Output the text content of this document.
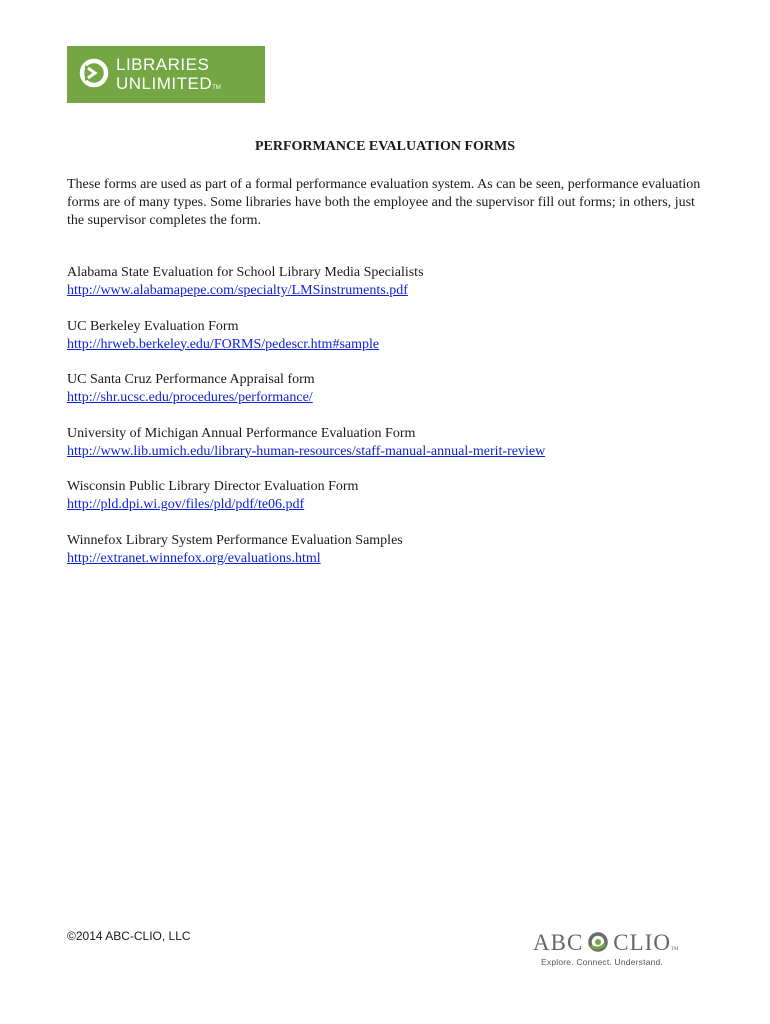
LIBRARIES
UNLIMITEDTM
PERFORMANCE EVALUATION FORMS
These forms are used as part of a formal performance evaluation system. As can be seen, performance evaluation forms are of many types. Some libraries have both the employee and the supervisor fill out forms; in others, just the supervisor completes the form.
Alabama State Evaluation for School Library Media Specialists
http://www.alabamapepe.com/specialty/LMSinstruments.pdf
UC Berkeley Evaluation Form
http://hrweb.berkeley.edu/FORMS/pedescr.htm#sample
UC Santa Cruz Performance Appraisal form
http://shr.ucsc.edu/procedures/performance/
University of Michigan Annual Performance Evaluation Form
http://www.lib.umich.edu/library-human-resources/staff-manual-annual-merit-review
Wisconsin Public Library Director Evaluation Form
http://pld.dpi.wi.gov/files/pld/pdf/te06.pdf
Winnefox Library System Performance Evaluation Samples
http://extranet.winnefox.org/evaluations.html
©2014 ABC-CLIO, LLC	ABC CLIOTM
Explore. Connect. Understand.
